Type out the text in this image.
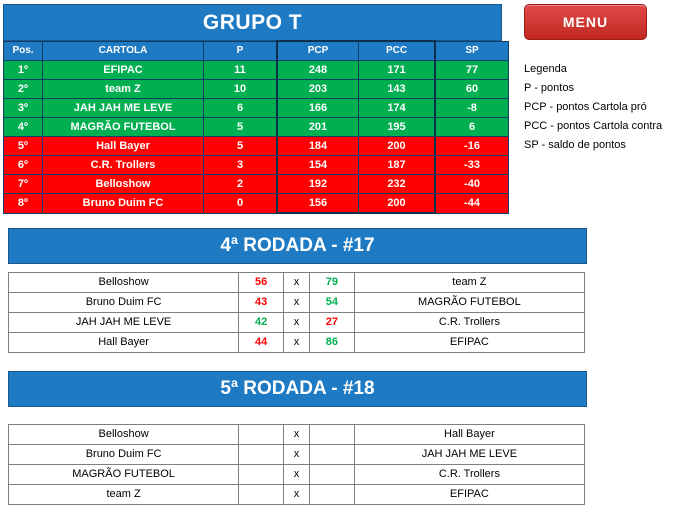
GRUPO T	MENU
Pos.	CARTOLA	P	PCP	PCC	SP
1º	EFIPAC	11	248	171	77
2º	team Z	10	203	143	60
3º	JAH JAH ME LEVE	6	166	174	-8
4º	MAGRÃO FUTEBOL	5	201	195	6
5º	Hall Bayer	5	184	200	-16
6º	C.R. Trollers	3	154	187	-33
7º	Belloshow	2	192	232	-40
8º	Bruno Duim FC	0	156	200	-44
Legenda
P - pontos
PCP - pontos Cartola pró
PCC - pontos Cartola contra
SP - saldo de pontos
4ª RODADA - #17
Belloshow	56	x	79	team Z
Bruno Duim FC	43	x	54	MAGRÃO FUTEBOL
JAH JAH ME LEVE	42	x	27	C.R. Trollers
Hall Bayer	44	x	86	EFIPAC
5ª RODADA - #18
Belloshow		x		Hall Bayer
Bruno Duim FC		x		JAH JAH ME LEVE
MAGRÃO FUTEBOL		x		C.R. Trollers
team Z		x		EFIPAC
